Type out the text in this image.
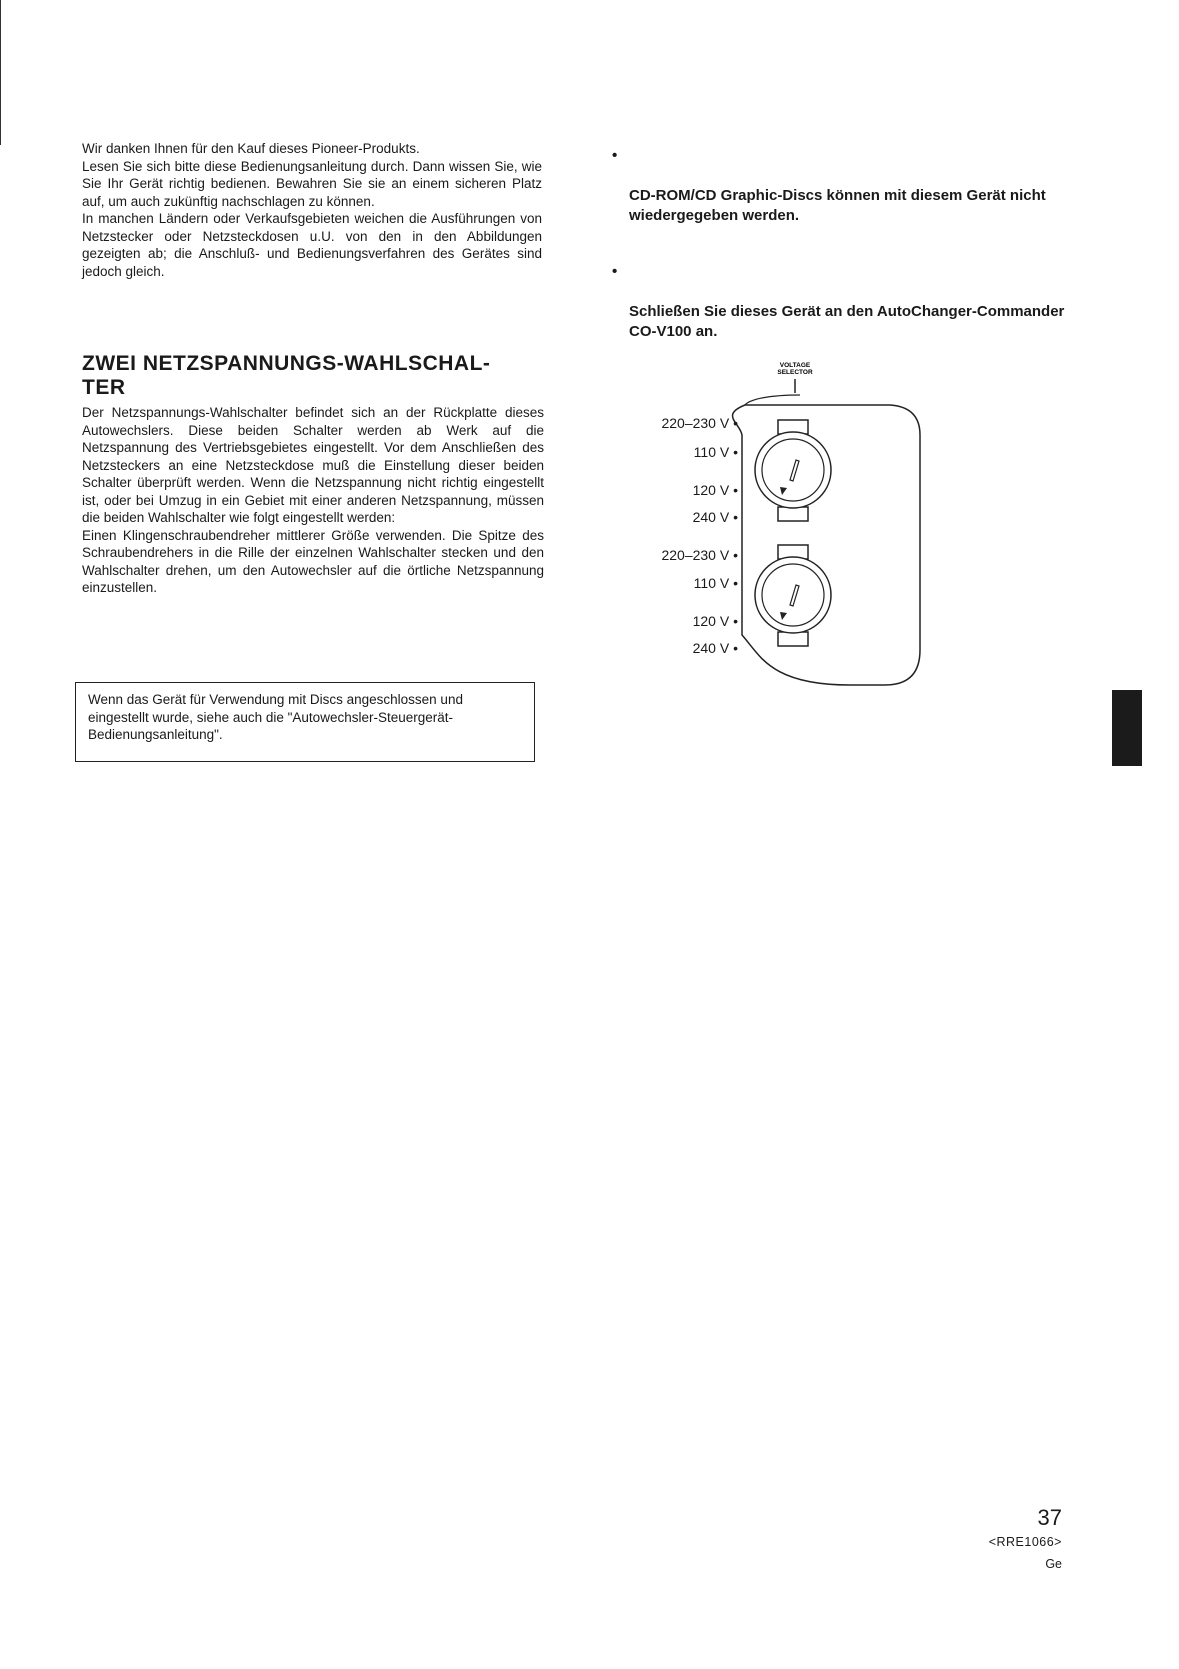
Wir danken Ihnen für den Kauf dieses Pioneer-Produkts.
Lesen Sie sich bitte diese Bedienungsanleitung durch. Dann wissen Sie, wie Sie Ihr Gerät richtig bedienen. Bewahren Sie sie an einem sicheren Platz auf, um auch zukünftig nachschlagen zu können.
In manchen Ländern oder Verkaufsgebieten weichen die Ausführungen von Netzstecker oder Netzsteckdosen u.U. von den in den Abbildungen gezeigten ab; die Anschluß- und Bedienungsverfahren des Gerätes sind jedoch gleich.

ZWEI NETZSPANNUNGS-WAHLSCHAL-
TER

Der Netzspannungs-Wahlschalter befindet sich an der Rückplatte dieses Autowechslers. Diese beiden Schalter werden ab Werk auf die Netzspannung des Vertriebsgebietes eingestellt. Vor dem Anschließen des Netzsteckers an eine Netzsteckdose muß die Einstellung dieser beiden Schalter überprüft werden. Wenn die Netzspannung nicht richtig eingestellt ist, oder bei Umzug in ein Gebiet mit einer anderen Netzspannung, müssen die beiden Wahlschalter wie folgt eingestellt werden:
Einen Klingenschraubendreher mittlerer Größe verwenden. Die Spitze des Schraubendrehers in die Rille der einzelnen Wahlschalter stecken und den Wahlschalter drehen, um den Autowechsler auf die örtliche Netzspannung einzustellen.

Wenn das Gerät für Verwendung mit Discs angeschlossen und eingestellt wurde, siehe auch die "Autowechsler-Steuergerät-Bedienungsanleitung".

•

CD-ROM/CD Graphic-Discs können mit diesem Gerät nicht wiedergegeben werden.

•

Schließen Sie dieses Gerät an den AutoChanger-Commander CO-V100 an.

VOLTAGE
SELECTOR
220–230 V •
110 V •
120 V •
240 V •
220–230 V •
110 V •
120 V •
240 V •

37

<RRE1066>

Ge
